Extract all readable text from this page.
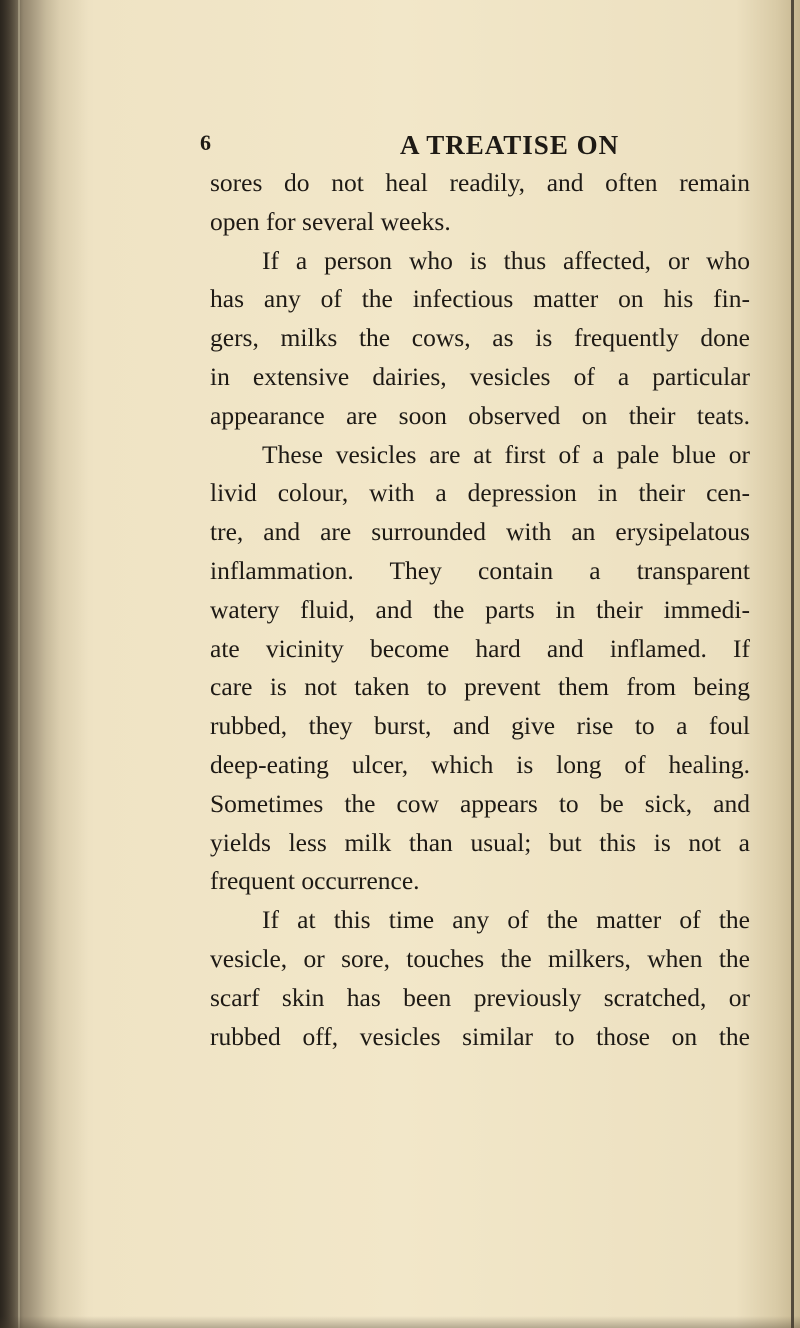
6	A TREATISE ON
sores do not heal readily, and often remain
open for several weeks.
If a person who is thus affected, or who
has any of the infectious matter on his fin-
gers, milks the cows, as is frequently done
in extensive dairies, vesicles of a particular
appearance are soon observed on their teats.
These vesicles are at first of a pale blue or
livid colour, with a depression in their cen-
tre, and are surrounded with an erysipelatous
inflammation. They contain a transparent
watery fluid, and the parts in their immedi-
ate vicinity become hard and inflamed. If
care is not taken to prevent them from being
rubbed, they burst, and give rise to a foul
deep-eating ulcer, which is long of healing.
Sometimes the cow appears to be sick, and
yields less milk than usual; but this is not a
frequent occurrence.
If at this time any of the matter of the
vesicle, or sore, touches the milkers, when the
scarf skin has been previously scratched, or
rubbed off, vesicles similar to those on the
